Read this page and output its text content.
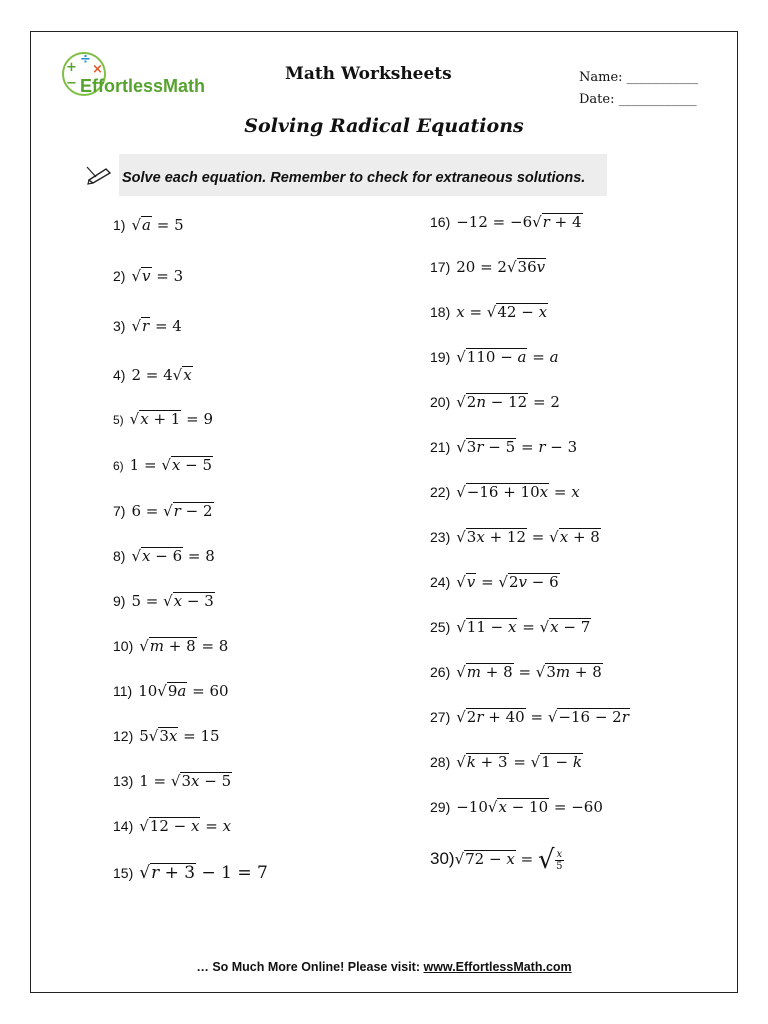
+
÷
×
− EffortlessMath
Math Worksheets	Name: ___________
Date: ____________
Solving Radical Equations
Solve each equation. Remember to check for extraneous solutions.
1) √a = 5
2) √v = 3
3) √r = 4
4) 2 = 4√x
5) √x + 1 = 9
6) 1 = √x − 5
7) 6 = √r − 2
8) √x − 6 = 8
9) 5 = √x − 3
10) √m + 8 = 8
11) 10√9a = 60
12) 5√3x = 15
13) 1 = √3x − 5
14) √12 − x = x
15) √r + 3 − 1 = 7
16) −12 = −6√r + 4
17) 20 = 2√36v
18) x = √42 − x
19) √110 − a = a
20) √2n − 12 = 2
21) √3r − 5 = r − 3
22) √−16 + 10x = x
23) √3x + 12 = √x + 8
24) √v = √2v − 6
25) √11 − x = √x − 7
26) √m + 8 = √3m + 8
27) √2r + 40 = √−16 − 2r
28) √k + 3 = √1 − k
29) −10√x − 10 = −60
30)√72 − x = √ $\frac{x}{5}$
… So Much More Online! Please visit: www.EffortlessMath.com
